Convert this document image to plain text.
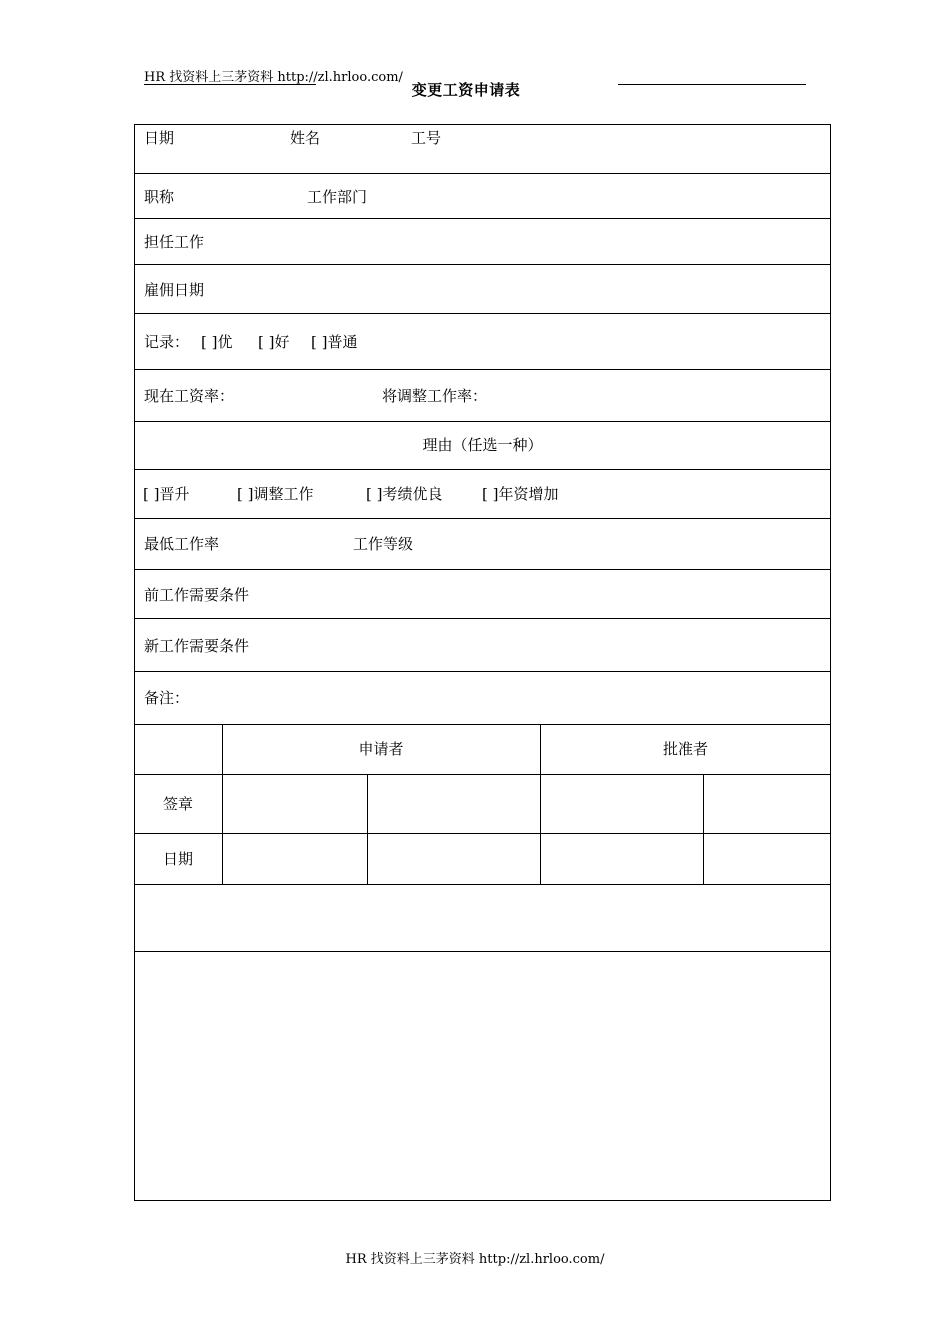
HR 找资料上三茅资料 http://zl.hrloo.com/
变更工资申请表
日期	姓名	工号
职称	工作部门
担任工作
雇佣日期
记录： [ ]优 [ ]好 [ ]普通
现在工资率：	将调整工作率：
理由（任选一种）
[ ]晋升	[ ]调整工作	[ ]考绩优良	[ ]年资增加
最低工作率	工作等级
前工作需要条件
新工作需要条件
备注：
申请者	批准者
签章
日期
HR 找资料上三茅资料 http://zl.hrloo.com/
